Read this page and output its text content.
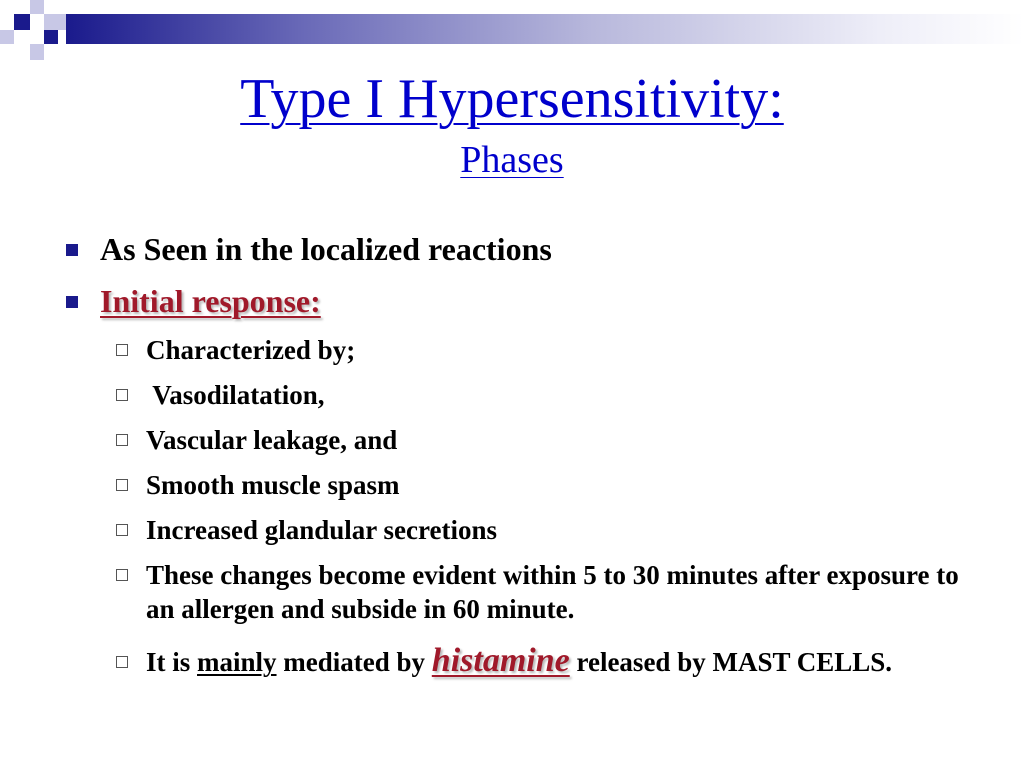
Type I Hypersensitivity:
Phases
As Seen in the localized reactions
Initial response:
Characterized by;
Vasodilatation,
Vascular leakage, and
Smooth muscle spasm
Increased glandular secretions
These changes become evident within 5 to 30 minutes after exposure to an allergen and subside in 60 minute.
It is mainly mediated by histamine released by MAST CELLS.
